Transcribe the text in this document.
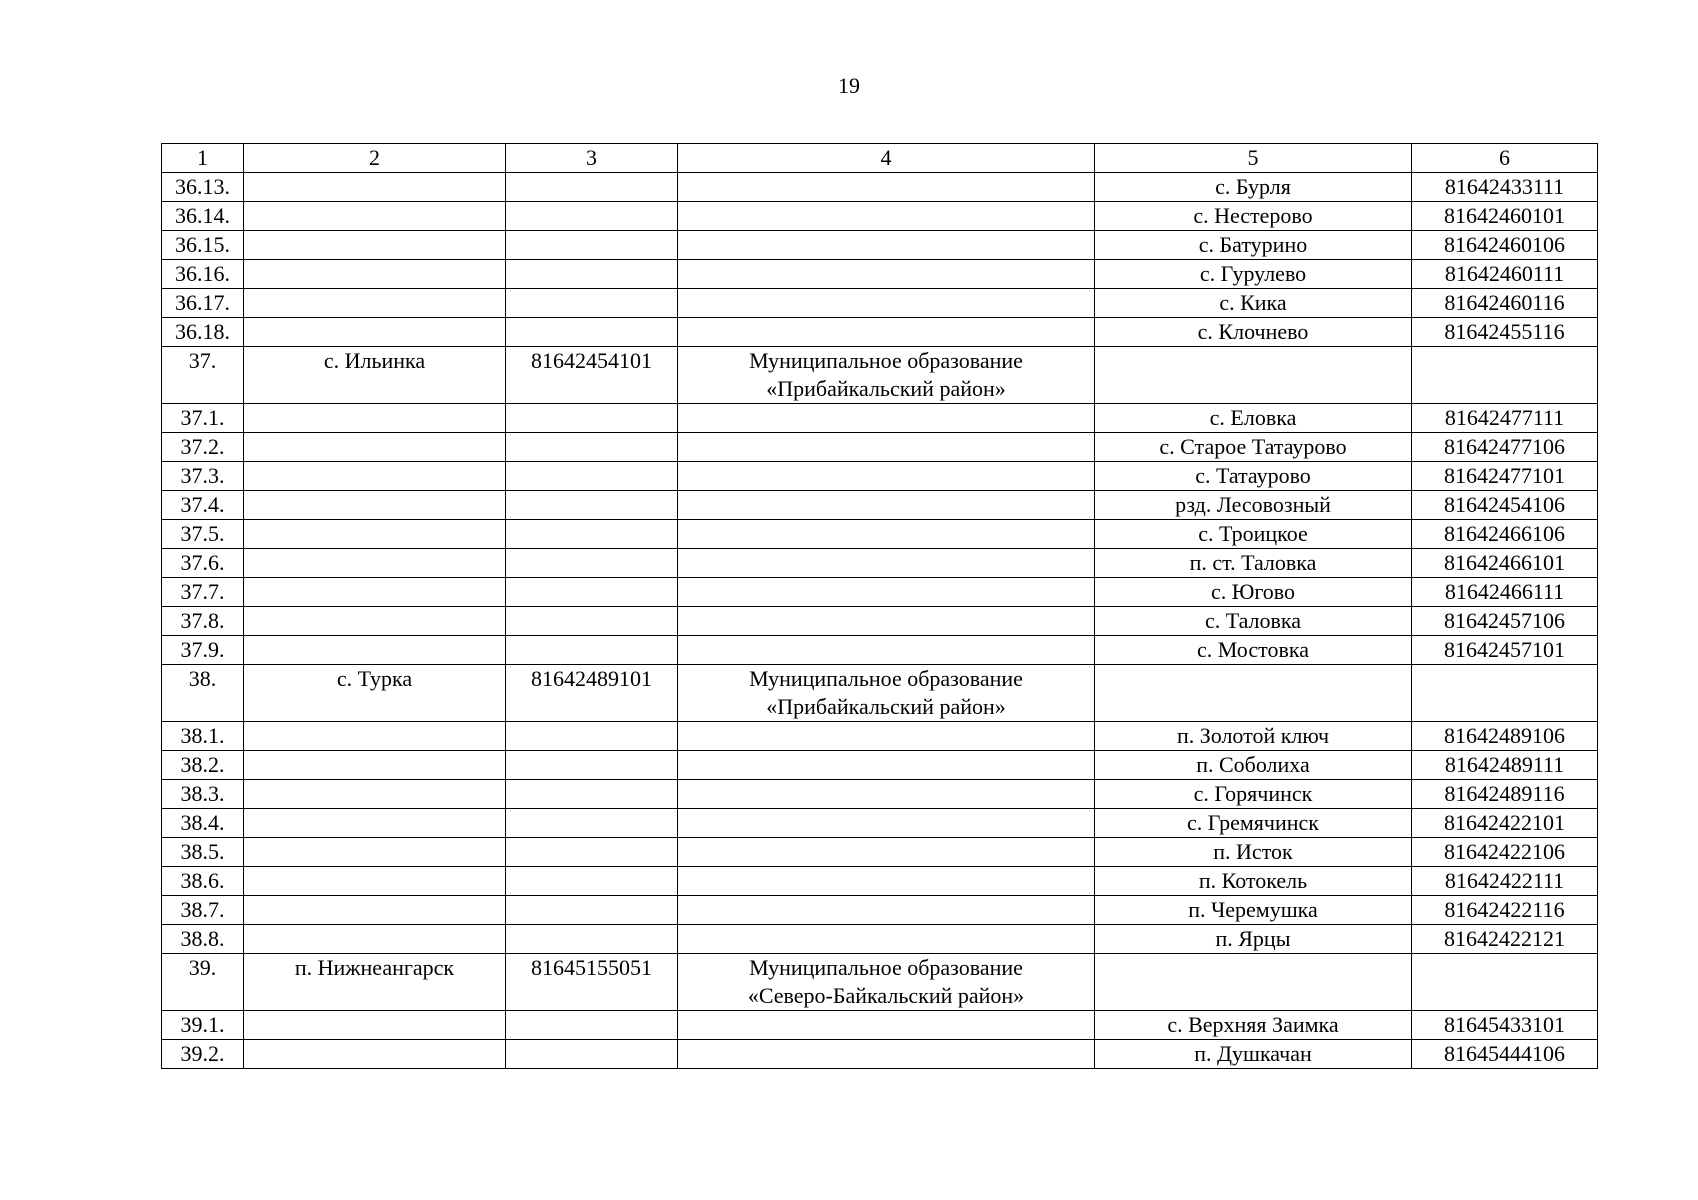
19
1	2	3	4	5	6
36.13.				с. Бурля	81642433111
36.14.				с. Нестерово	81642460101
36.15.				с. Батурино	81642460106
36.16.				с. Гурулево	81642460111
36.17.				с. Кика	81642460116
36.18.				с. Клочнево	81642455116
37.	с. Ильинка	81642454101	Муниципальное образование
«Прибайкальский район»		

37.1.				с. Еловка	81642477111
37.2.				с. Старое Татаурово	81642477106
37.3.				с. Татаурово	81642477101
37.4.				рзд. Лесовозный	81642454106
37.5.				с. Троицкое	81642466106
37.6.				п. ст. Таловка	81642466101
37.7.				с. Югово	81642466111
37.8.				с. Таловка	81642457106
37.9.				с. Мостовка	81642457101
38.	с. Турка	81642489101	Муниципальное образование
«Прибайкальский район»		

38.1.				п. Золотой ключ	81642489106
38.2.				п. Соболиха	81642489111
38.3.				с. Горячинск	81642489116
38.4.				с. Гремячинск	81642422101
38.5.				п. Исток	81642422106
38.6.				п. Котокель	81642422111
38.7.				п. Черемушка	81642422116
38.8.				п. Ярцы	81642422121
39.	п. Нижнеангарск	81645155051	Муниципальное образование
«Северо-Байкальский район»		

39.1.				с. Верхняя Заимка	81645433101
39.2.				п. Душкачан	81645444106
